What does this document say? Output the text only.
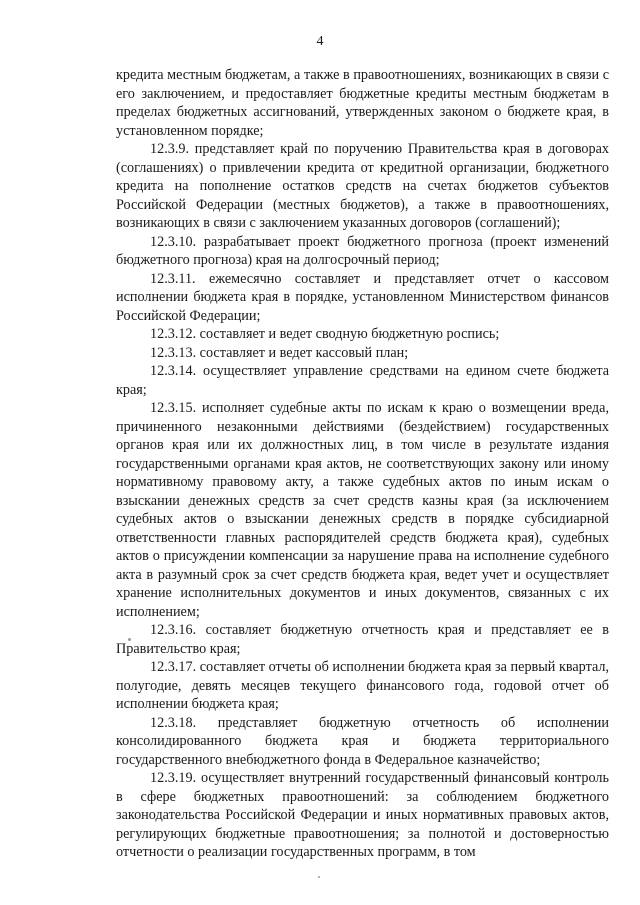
4

кредита местным бюджетам, а также в правоотношениях, возникающих в связи с его заключением, и предоставляет бюджетные кредиты местным бюджетам в пределах бюджетных ассигнований, утвержденных законом о бюджете края, в установленном порядке;

12.3.9. представляет край по поручению Правительства края в договорах (соглашениях) о привлечении кредита от кредитной организации, бюджетного кредита на пополнение остатков средств на счетах бюджетов субъектов Российской Федерации (местных бюджетов), а также в правоотношениях, возникающих в связи с заключением указанных договоров (соглашений);

12.3.10. разрабатывает проект бюджетного прогноза (проект изменений бюджетного прогноза) края на долгосрочный период;

12.3.11. ежемесячно составляет и представляет отчет о кассовом исполнении бюджета края в порядке, установленном Министерством финансов Российской Федерации;

12.3.12. составляет и ведет сводную бюджетную роспись;

12.3.13. составляет и ведет кассовый план;

12.3.14. осуществляет управление средствами на едином счете бюджета края;

12.3.15. исполняет судебные акты по искам к краю о возмещении вреда, причиненного незаконными действиями (бездействием) государственных органов края или их должностных лиц, в том числе в результате издания государственными органами края актов, не соответствующих закону или иному нормативному правовому акту, а также судебных актов по иным искам о взыскании денежных средств за счет средств казны края (за исключением судебных актов о взыскании денежных средств в порядке субсидиарной ответственности главных распорядителей средств бюджета края), судебных актов о присуждении компенсации за нарушение права на исполнение судебного акта в разумный срок за счет средств бюджета края, ведет учет и осуществляет хранение исполнительных документов и иных документов, связанных с их исполнением;

12.3.16. составляет бюджетную отчетность края и представляет ее в Правительство края;

12.3.17. составляет отчеты об исполнении бюджета края за первый квартал, полугодие, девять месяцев текущего финансового года, годовой отчет об исполнении бюджета края;

12.3.18. представляет бюджетную отчетность об исполнении консолидированного бюджета края и бюджета территориального государственного внебюджетного фонда в Федеральное казначейство;

12.3.19. осуществляет внутренний государственный финансовый контроль в сфере бюджетных правоотношений: за соблюдением бюджетного законодательства Российской Федерации и иных нормативных правовых актов, регулирующих бюджетные правоотношения; за полнотой и достоверностью отчетности о реализации государственных программ, в том
